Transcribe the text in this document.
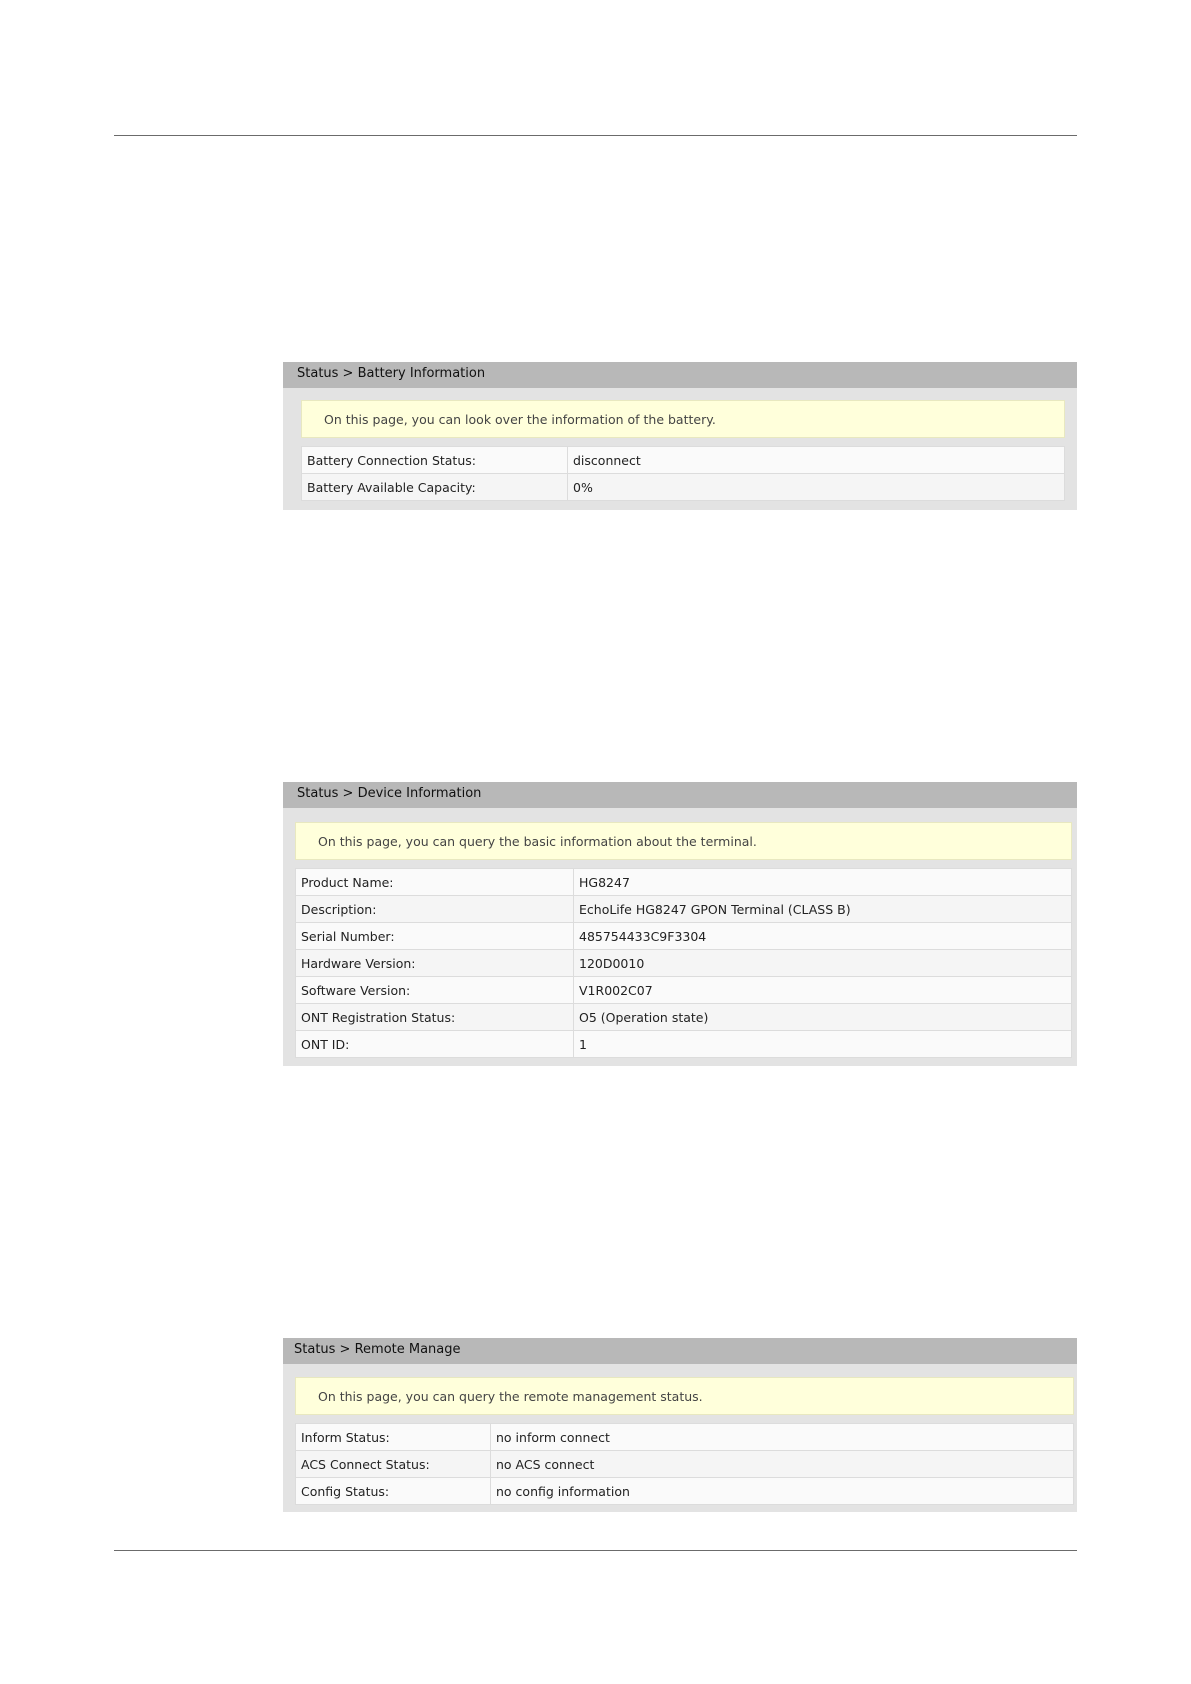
Status > Battery Information
On this page, you can look over the information of the battery.
Battery Connection Status:	disconnect
Battery Available Capacity:	0%
Status > Device Information
On this page, you can query the basic information about the terminal.
Product Name:	HG8247
Description:	EchoLife HG8247 GPON Terminal (CLASS B)
Serial Number:	485754433C9F3304
Hardware Version:	120D0010
Software Version:	V1R002C07
ONT Registration Status:	O5 (Operation state)
ONT ID:	1
Status > Remote Manage
On this page, you can query the remote management status.
Inform Status:	no inform connect
ACS Connect Status:	no ACS connect
Config Status:	no config information
